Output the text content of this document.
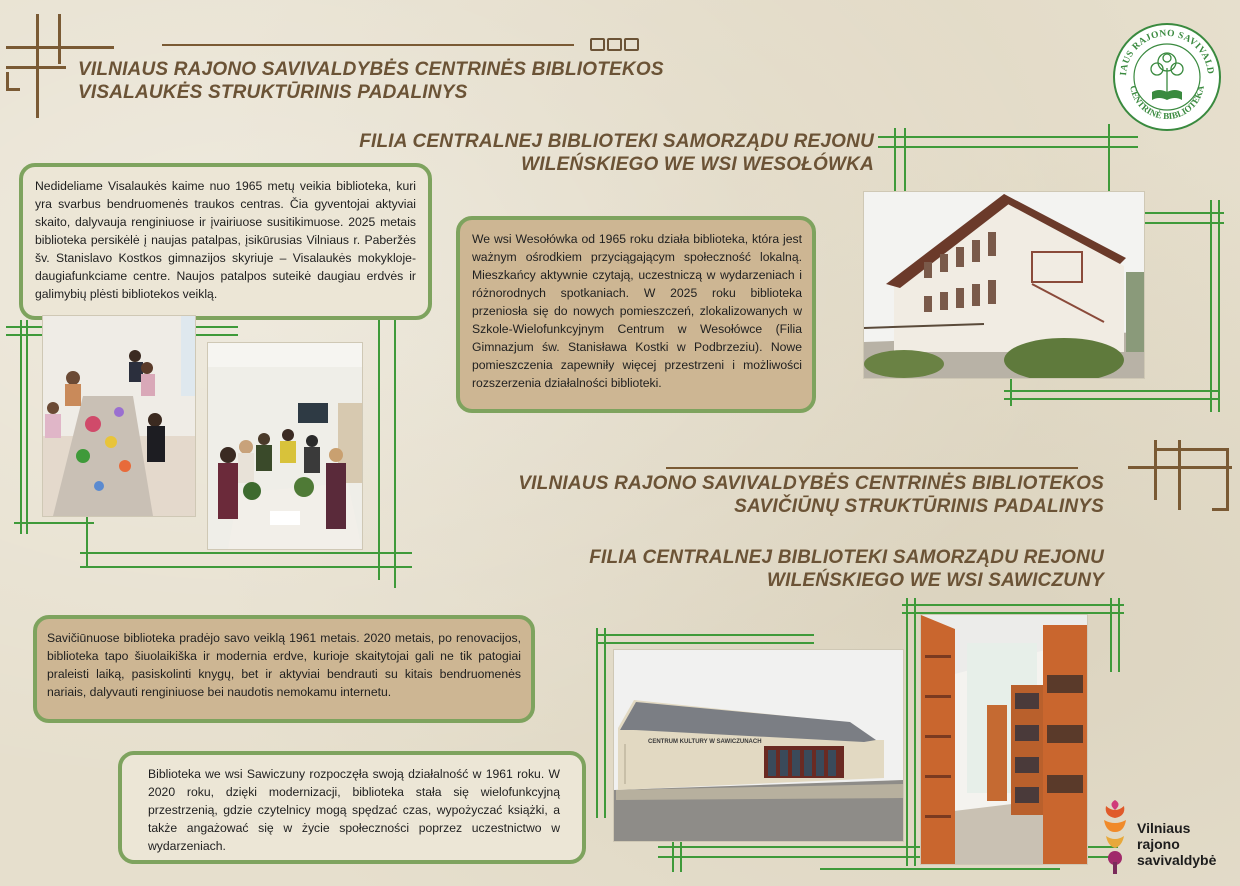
VILNIAUS RAJONO SAVIVALDYBĖS CENTRINĖS BIBLIOTEKOS
VISALAUKĖS STRUKTŪRINIS PADALINYS
FILIA CENTRALNEJ BIBLIOTEKI SAMORZĄDU REJONU
WILEŃSKIEGO WE WSI WESOŁÓWKA
IAUS RAJONO SAVIVALD
CENTRINĖ BIBLIOTEKA
Nedideliame Visalaukės kaime nuo 1965 metų veikia biblioteka, kuri yra svarbus bendruomenės traukos centras. Čia gyventojai aktyviai skaito, dalyvauja renginiuose ir įvairiuose susitikimuose. 2025 metais biblioteka persikėlė į naujas patalpas, įsikūrusias Vilniaus r. Paberžės šv. Stanislavo Kostkos gimnazijos skyriuje – Visalaukės mokykloje-daugiafunkciame centre. Naujos patalpos suteikė daugiau erdvės ir galimybių plėsti bibliotekos veiklą.
We wsi Wesołówka od 1965 roku działa biblioteka, która jest ważnym ośrodkiem przyciągającym społeczność lokalną. Mieszkańcy aktywnie czytają, uczestniczą w wydarzeniach i różnorodnych spotkaniach. W 2025 roku biblioteka przeniosła się do nowych pomieszczeń, zlokalizowanych w Szkole-Wielofunkcyjnym Centrum w Wesołówce (Filia Gimnazjum św. Stanisława Kostki w Podbrzeziu). Nowe pomieszczenia zapewniły więcej przestrzeni i możliwości rozszerzenia działalności biblioteki.
VILNIAUS RAJONO SAVIVALDYBĖS CENTRINĖS BIBLIOTEKOS
SAVIČIŪNŲ STRUKTŪRINIS PADALINYS
FILIA CENTRALNEJ BIBLIOTEKI SAMORZĄDU REJONU
WILEŃSKIEGO WE WSI SAWICZUNY
Savičiūnuose biblioteka pradėjo savo veiklą 1961 metais. 2020 metais, po renovacijos, biblioteka tapo šiuolaikiška ir modernia erdve, kurioje skaitytojai gali ne tik patogiai praleisti laiką, pasiskolinti knygų, bet ir aktyviai bendrauti su kitais bendruomenės nariais, dalyvauti renginiuose bei naudotis nemokamu internetu.
Biblioteka we wsi Sawiczuny rozpoczęła swoją działalność w 1961 roku. W 2020 roku, dzięki modernizacji, biblioteka stała się wielofunkcyjną przestrzenią, gdzie czytelnicy mogą spędzać czas, wypożyczać książki, a także angażować się w życie społeczności poprzez uczestnictwo w wydarzeniach.
CENTRUM KULTURY W SAWICZUNACH
Vilniaus
rajono
savivaldybė
